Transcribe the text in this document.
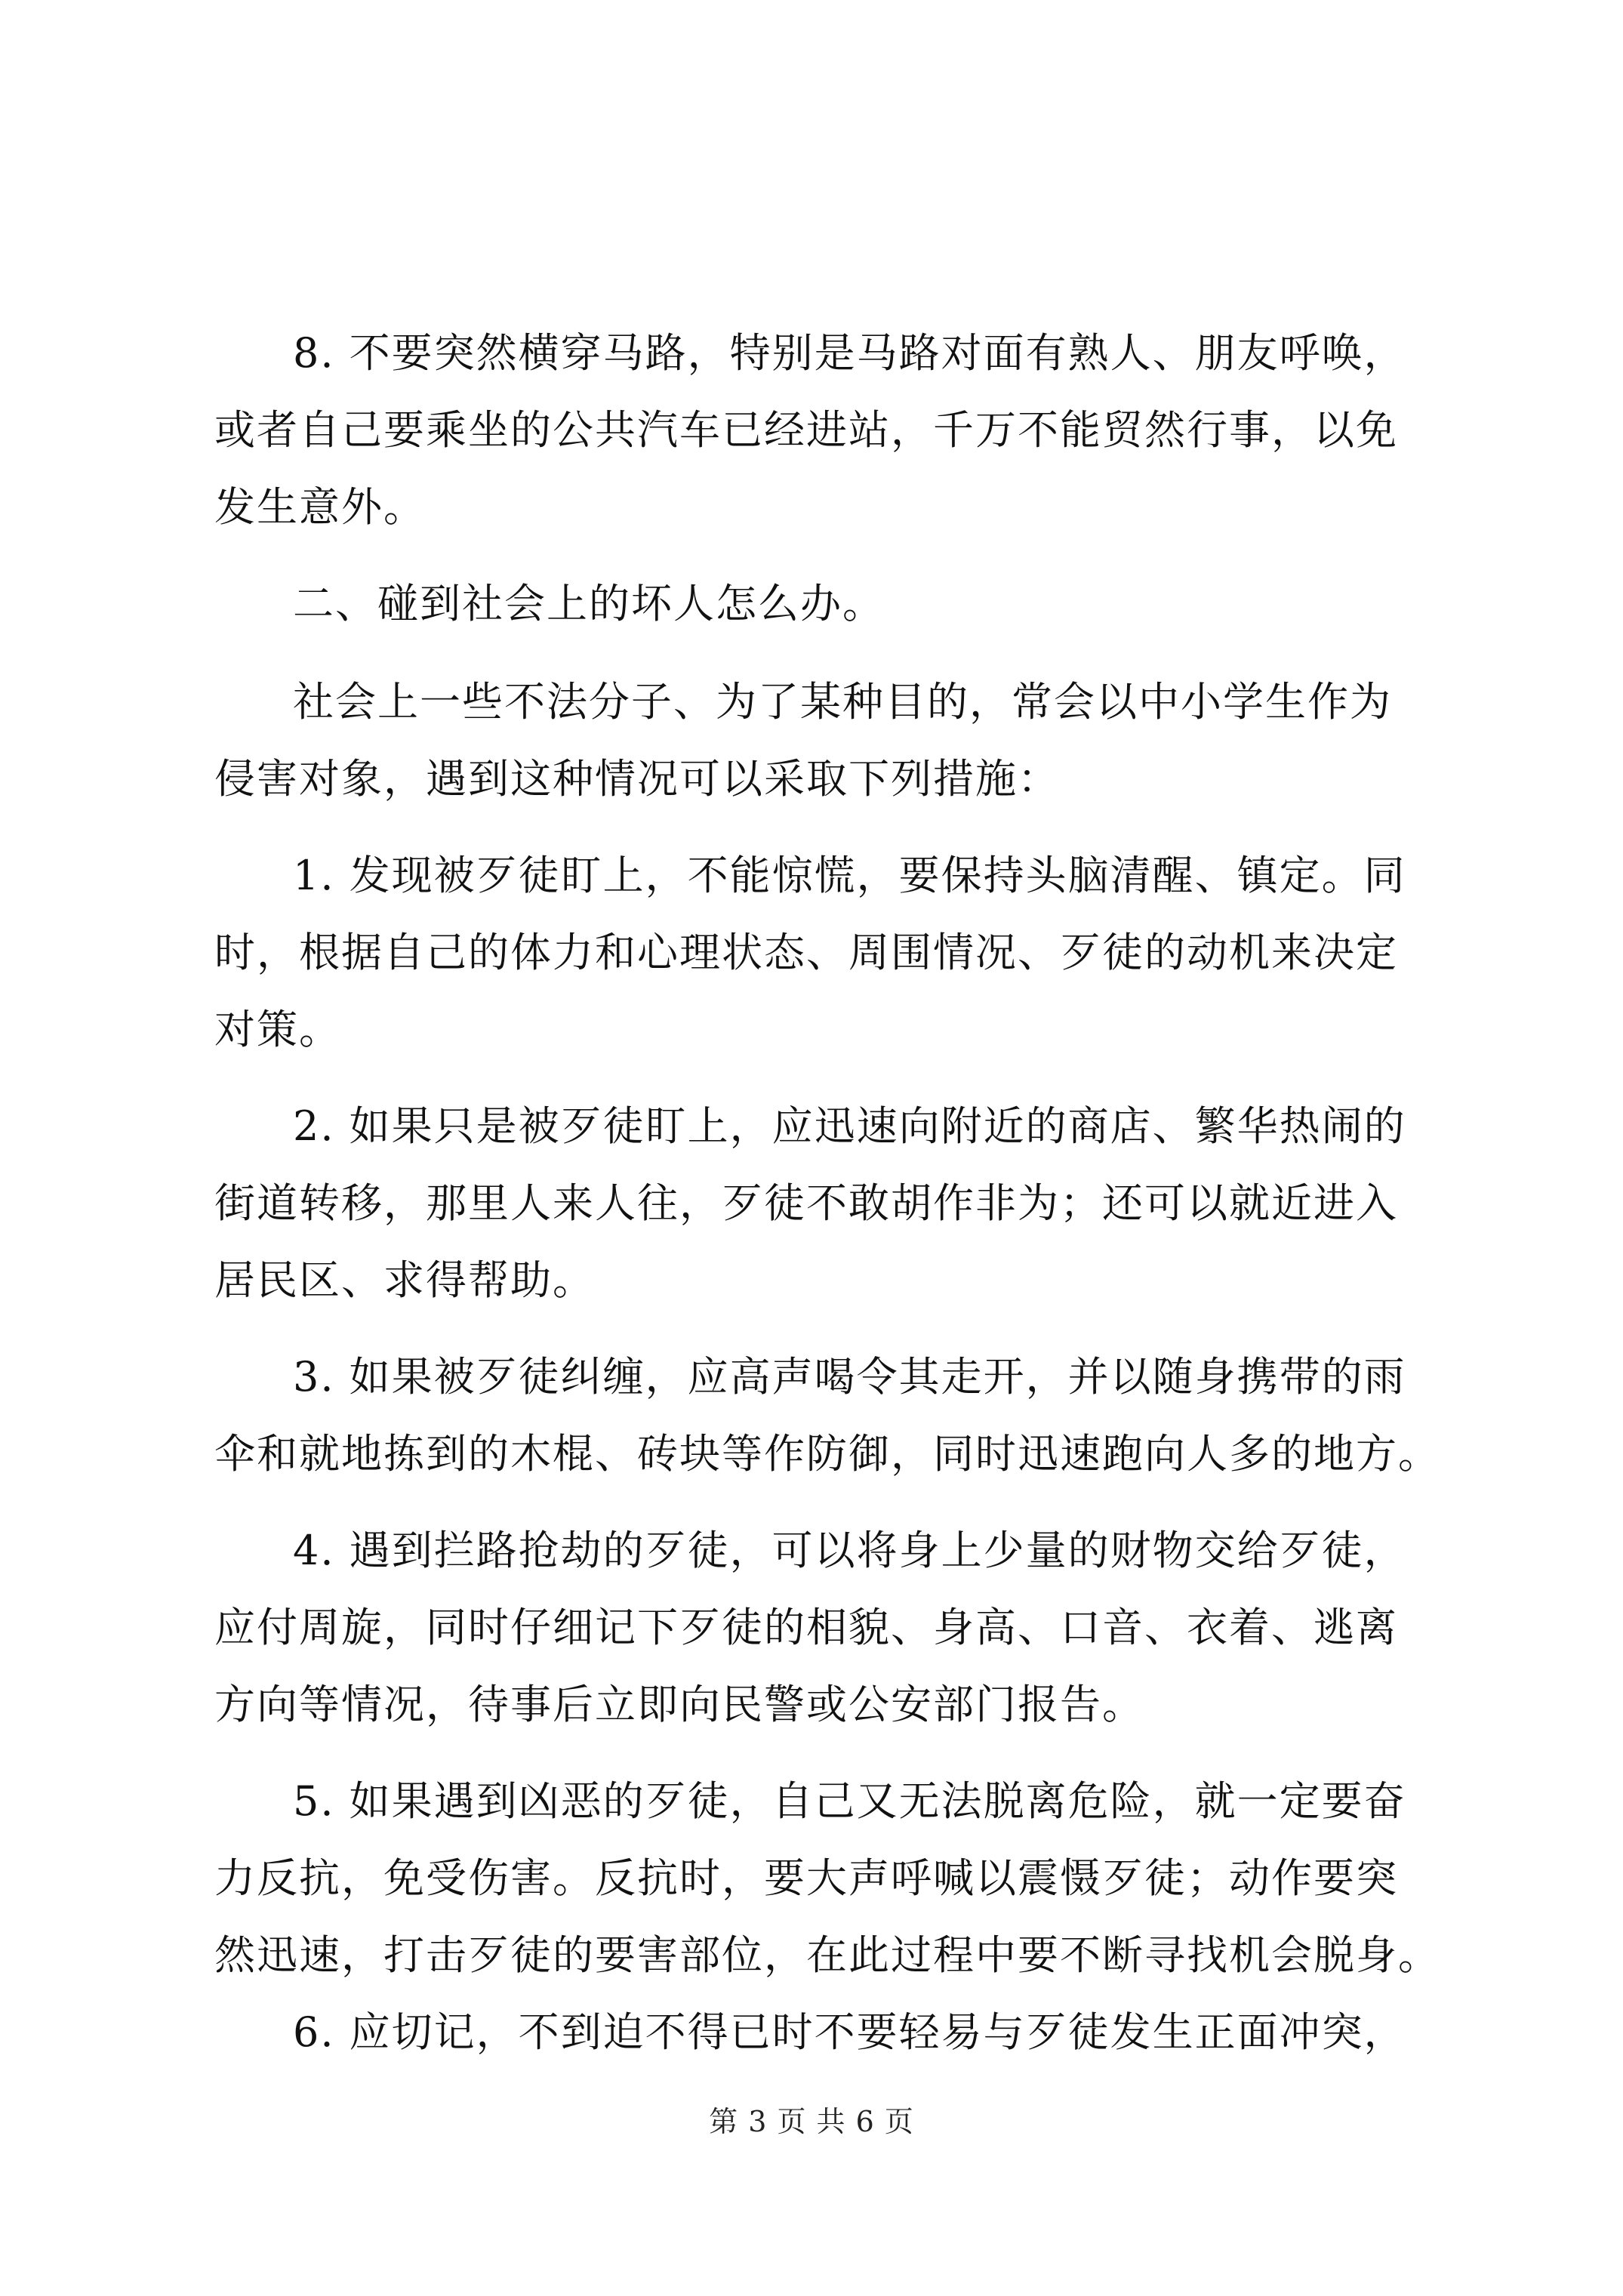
8. 不要突然横穿马路，特别是马路对面有熟人、朋友呼唤，
或者自己要乘坐的公共汽车已经进站，千万不能贸然行事，以免
发生意外。
二、碰到社会上的坏人怎么办。
社会上一些不法分子、为了某种目的，常会以中小学生作为
侵害对象，遇到这种情况可以采取下列措施：
1. 发现被歹徒盯上，不能惊慌，要保持头脑清醒、镇定。同
时，根据自己的体力和心理状态、周围情况、歹徒的动机来决定
对策。
2. 如果只是被歹徒盯上，应迅速向附近的商店、繁华热闹的
街道转移，那里人来人往，歹徒不敢胡作非为；还可以就近进入
居民区、求得帮助。
3. 如果被歹徒纠缠，应高声喝令其走开，并以随身携带的雨
伞和就地拣到的木棍、砖块等作防御，同时迅速跑向人多的地方。
4. 遇到拦路抢劫的歹徒，可以将身上少量的财物交给歹徒，
应付周旋，同时仔细记下歹徒的相貌、身高、口音、衣着、逃离
方向等情况，待事后立即向民警或公安部门报告。
5. 如果遇到凶恶的歹徒，自己又无法脱离危险，就一定要奋
力反抗，免受伤害。反抗时，要大声呼喊以震慑歹徒；动作要突
然迅速，打击歹徒的要害部位，在此过程中要不断寻找机会脱身。
6. 应切记，不到迫不得已时不要轻易与歹徒发生正面冲突，
第 3 页 共 6 页
